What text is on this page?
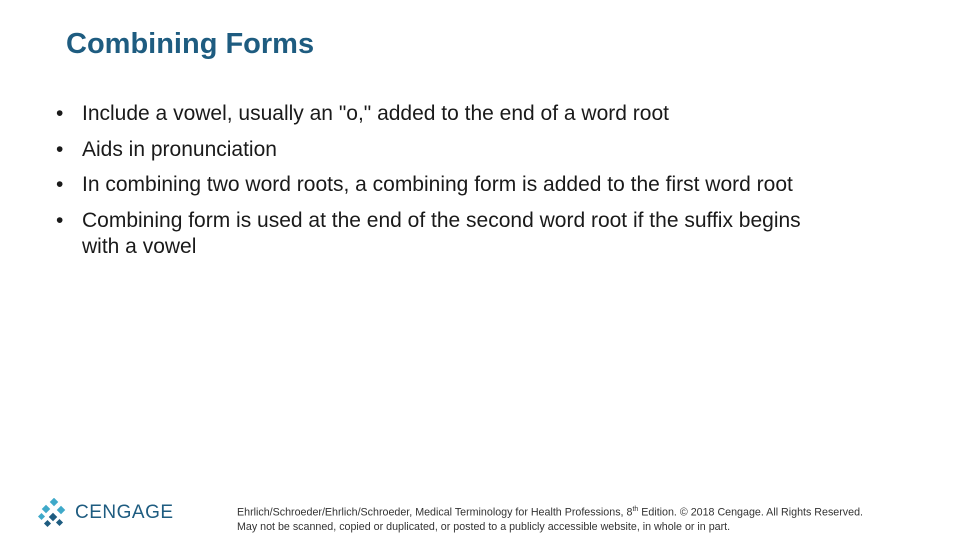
Combining Forms
• Include a vowel, usually an "o," added to the end of a word root
• Aids in pronunciation
• In combining two word roots, a combining form is added to the first word root
• Combining form is used at the end of the second word root if the suffix begins with a vowel
CENGAGE	Ehrlich/Schroeder/Ehrlich/Schroeder, Medical Terminology for Health Professions, 8th Edition. © 2018 Cengage. All Rights Reserved.
May not be scanned, copied or duplicated, or posted to a publicly accessible website, in whole or in part.
